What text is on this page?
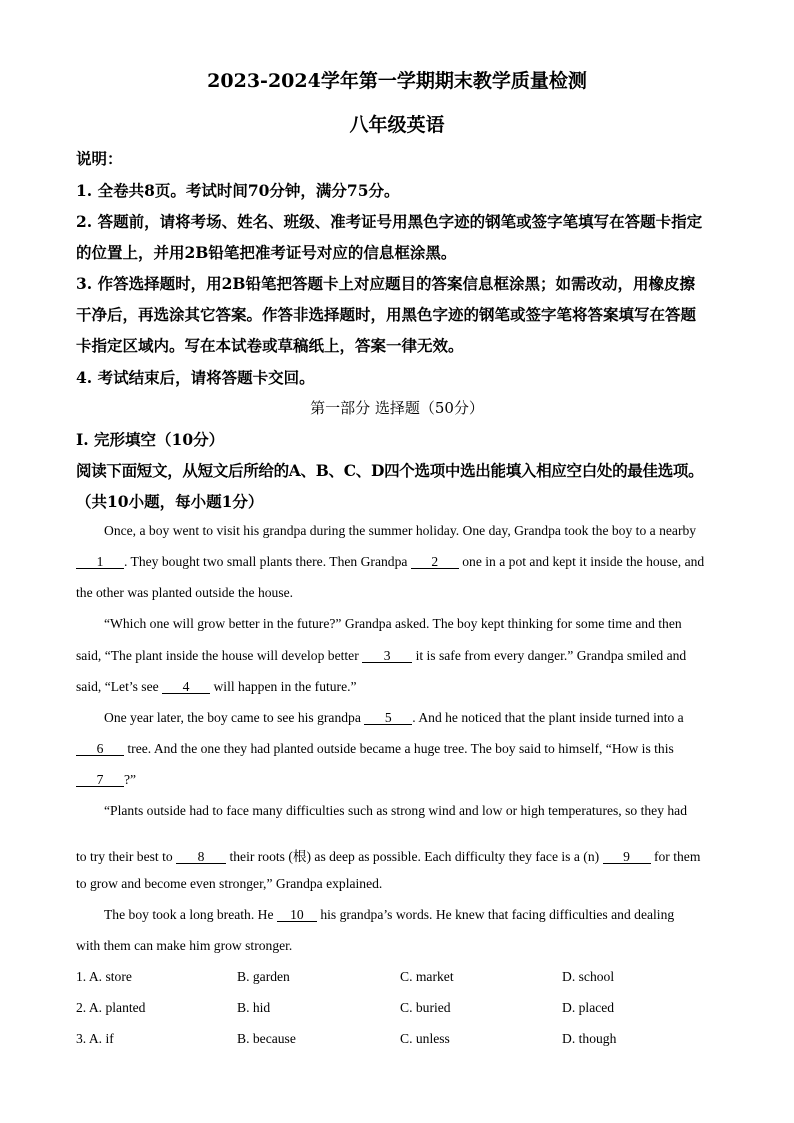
2023-2024学年第一学期期末教学质量检测
八年级英语
说明：
1. 全卷共8页。考试时间70分钟，满分75分。
2. 答题前，请将考场、姓名、班级、准考证号用黑色字迹的钢笔或签字笔填写在答题卡指定
的位置上，并用2B铅笔把准考证号对应的信息框涂黑。
3. 作答选择题时，用2B铅笔把答题卡上对应题目的答案信息框涂黑；如需改动，用橡皮擦
干净后，再选涂其它答案。作答非选择题时，用黑色字迹的钢笔或签字笔将答案填写在答题
卡指定区域内。写在本试卷或草稿纸上，答案一律无效。
4. 考试结束后，请将答题卡交回。
第一部分 选择题（50分）
Ⅰ. 完形填空（10分）
阅读下面短文，从短文后所给的A、B、C、D四个选项中选出能填入相应空白处的最佳选项。
（共10小题，每小题1分）
Once, a boy went to visit his grandpa during the summer holiday. One day, Grandpa took the boy to a nearby
1 . They bought two small plants there. Then Grandpa 2 one in a pot and kept it inside the house, and
the other was planted outside the house.
“Which one will grow better in the future?” Grandpa asked. The boy kept thinking for some time and then
said, “The plant inside the house will develop better 3 it is safe from every danger.” Grandpa smiled and
said, “Let’s see 4 will happen in the future.”
One year later, the boy came to see his grandpa 5 . And he noticed that the plant inside turned into a
6 tree. And the one they had planted outside became a huge tree. The boy said to himself, “How is this
7 ?”
“Plants outside had to face many difficulties such as strong wind and low or high temperatures, so they had
to try their best to 8 their roots (根) as deep as possible. Each difficulty they face is a (n) 9 for them
to grow and become even stronger,” Grandpa explained.
The boy took a long breath. He 10 his grandpa’s words. He knew that facing difficulties and dealing
with them can make him grow stronger.
1. A. store	B. garden	C. market	D. school
2. A. planted	B. hid	C. buried	D. placed
3. A. if	B. because	C. unless	D. though
